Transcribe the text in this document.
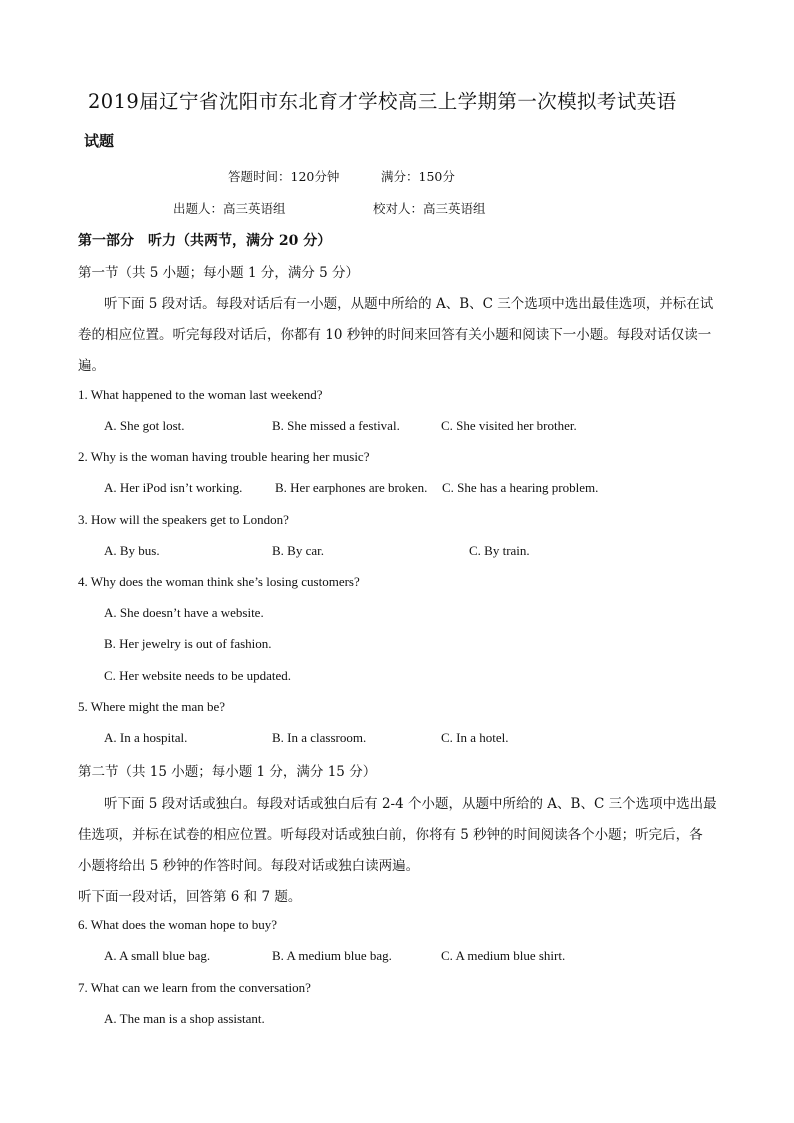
2019届辽宁省沈阳市东北育才学校高三上学期第一次模拟考试英语
试题
答题时间：120分钟	满分：150分
出题人：高三英语组	校对人：高三英语组
第一部分　听力（共两节，满分 20 分）
第一节（共 5 小题；每小题 1 分，满分 5 分）
听下面 5 段对话。每段对话后有一小题，从题中所给的 A、B、C 三个选项中选出最佳选项，并标在试
卷的相应位置。听完每段对话后，你都有 10 秒钟的时间来回答有关小题和阅读下一小题。每段对话仅读一
遍。
1. What happened to the woman last weekend?
A. She got lost.	B. She missed a festival.	C. She visited her brother.
2. Why is the woman having trouble hearing her music?
A. Her iPod isn’t working.	B. Her earphones are broken. C. She has a hearing problem.
3. How will the speakers get to London?
A. By bus.	B. By car.	C. By train.
4. Why does the woman think she’s losing customers?
A. She doesn’t have a website.
B. Her jewelry is out of fashion.
C. Her website needs to be updated.
5. Where might the man be?
A. In a hospital.	B. In a classroom.	C. In a hotel.
第二节（共 15 小题；每小题 1 分，满分 15 分）
听下面 5 段对话或独白。每段对话或独白后有 2-4 个小题，从题中所给的 A、B、C 三个选项中选出最
佳选项，并标在试卷的相应位置。听每段对话或独白前，你将有 5 秒钟的时间阅读各个小题；听完后，各
小题将给出 5 秒钟的作答时间。每段对话或独白读两遍。
听下面一段对话，回答第 6 和 7 题。
6. What does the woman hope to buy?
A. A small blue bag.	B. A medium blue bag.	C. A medium blue shirt.
7. What can we learn from the conversation?
A. The man is a shop assistant.
